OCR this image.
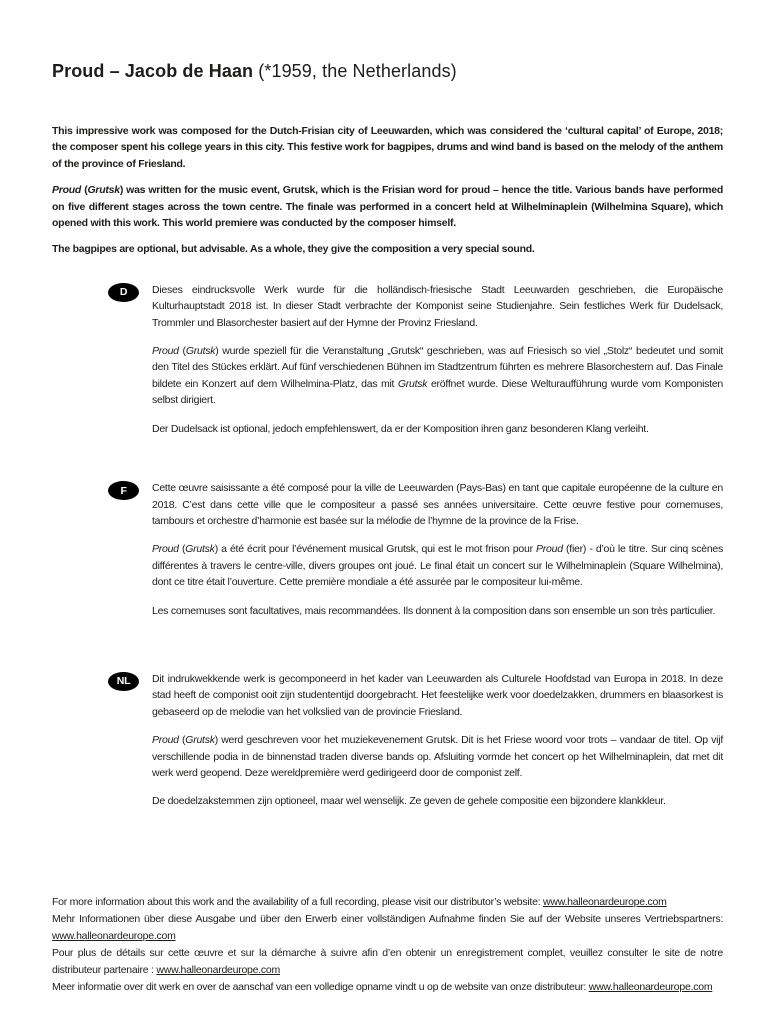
Proud – Jacob de Haan (*1959, the Netherlands)

This impressive work was composed for the Dutch-Frisian city of Leeuwarden, which was considered the ‘cultural capital’ of Europe, 2018; the composer spent his college years in this city. This festive work for bagpipes, drums and wind band is based on the melody of the anthem of the province of Friesland.

Proud (Grutsk) was written for the music event, Grutsk, which is the Frisian word for proud – hence the title. Various bands have performed on five different stages across the town centre. The finale was performed in a concert held at Wilhelminaplein (Wilhelmina Square), which opened with this work. This world premiere was conducted by the composer himself.

The bagpipes are optional, but advisable. As a whole, they give the composition a very special sound.

D	Dieses eindrucksvolle Werk wurde für die holländisch-friesische Stadt Leeuwarden geschrieben, die Europäische Kulturhauptstadt 2018 ist. In dieser Stadt verbrachte der Komponist seine Studienjahre. Sein festliches Werk für Dudelsack, Trommler und Blasorchester basiert auf der Hymne der Provinz Friesland.

Proud (Grutsk) wurde speziell für die Veranstaltung „Grutsk“ geschrieben, was auf Friesisch so viel „Stolz“ bedeutet und somit den Titel des Stückes erklärt. Auf fünf verschiedenen Bühnen im Stadtzentrum führten es mehrere Blasorchestern auf. Das Finale bildete ein Konzert auf dem Wilhelmina-Platz, das mit Grutsk eröffnet wurde. Diese Welturaufführung wurde vom Komponisten selbst dirigiert.

Der Dudelsack ist optional, jedoch empfehlenswert, da er der Komposition ihren ganz besonderen Klang verleiht.

F	Cette œuvre saisissante a été composé pour la ville de Leeuwarden (Pays-Bas) en tant que capitale européenne de la culture en 2018. C’est dans cette ville que le compositeur a passé ses années universitaire. Cette œuvre festive pour cornemuses, tambours et orchestre d’harmonie est basée sur la mélodie de l’hymne de la province de la Frise.

Proud (Grutsk) a été écrit pour l’événement musical Grutsk, qui est le mot frison pour Proud (fier) - d’où le titre. Sur cinq scènes différentes à travers le centre-ville, divers groupes ont joué. Le final était un concert sur le Wilhelminaplein (Square Wilhelmina), dont ce titre était l’ouverture. Cette première mondiale a été assurée par le compositeur lui-même.

Les cornemuses sont facultatives, mais recommandées. Ils donnent à la composition dans son ensemble un son très particulier.

NL	Dit indrukwekkende werk is gecomponeerd in het kader van Leeuwarden als Culturele Hoofdstad van Europa in 2018. In deze stad heeft de componist ooit zijn studententijd doorgebracht. Het feestelijke werk voor doedelzakken, drummers en blaasorkest is gebaseerd op de melodie van het volkslied van de provincie Friesland.

Proud (Grutsk) werd geschreven voor het muziekevenement Grutsk. Dit is het Friese woord voor trots – vandaar de titel. Op vijf verschillende podia in de binnenstad traden diverse bands op. Afsluiting vormde het concert op het Wilhelminaplein, dat met dit werk werd geopend. Deze wereldpremière werd gedirigeerd door de componist zelf.

De doedelzakstemmen zijn optioneel, maar wel wenselijk. Ze geven de gehele compositie een bijzondere klankkleur.

For more information about this work and the availability of a full recording, please visit our distributor’s website: www.halleonardeurope.com

Mehr Informationen über diese Ausgabe und über den Erwerb einer vollständigen Aufnahme finden Sie auf der Website unseres Vertriebspartners: www.halleonardeurope.com

Pour plus de détails sur cette œuvre et sur la démarche à suivre afin d’en obtenir un enregistrement complet, veuillez consulter le site de notre distributeur partenaire : www.halleonardeurope.com

Meer informatie over dit werk en over de aanschaf van een volledige opname vindt u op de website van onze distributeur: www.halleonardeurope.com
